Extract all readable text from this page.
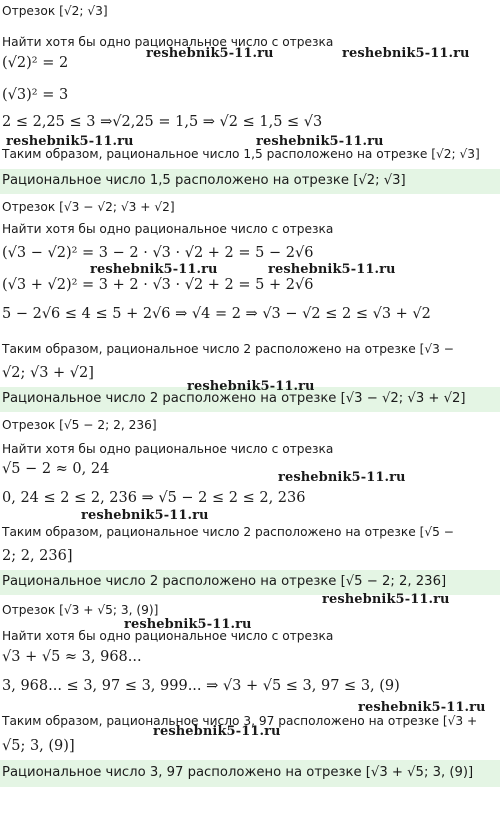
Отрезок [√2; √3]
Найти хотя бы одно рациональное число с отрезка
(√2)² = 2
(√3)² = 3
2 ≤ 2,25 ≤ 3 ⇒√2,25 = 1,5 ⇒ √2 ≤ 1,5 ≤ √3
Таким образом, рациональное число 1,5 расположено на отрезке [√2; √3]
Рациональное число 1,5 расположено на отрезке [√2; √3]
Отрезок [√3 − √2; √3 + √2]
Найти хотя бы одно рациональное число с отрезка
(√3 − √2)² = 3 − 2 · √3 · √2 + 2 = 5 − 2√6
(√3 + √2)² = 3 + 2 · √3 · √2 + 2 = 5 + 2√6
5 − 2√6 ≤ 4 ≤ 5 + 2√6 ⇒ √4 = 2 ⇒ √3 − √2 ≤ 2 ≤ √3 + √2
Таким образом, рациональное число 2 расположено на отрезке [√3 −
√2; √3 + √2]
Рациональное число 2 расположено на отрезке [√3 − √2; √3 + √2]
Отрезок [√5 − 2; 2, 236]
Найти хотя бы одно рациональное число с отрезка
√5 − 2 ≈ 0, 24
0, 24 ≤ 2 ≤ 2, 236 ⇒ √5 − 2 ≤ 2 ≤ 2, 236
Таким образом, рациональное число 2 расположено на отрезке [√5 −
2; 2, 236]
Рациональное число 2 расположено на отрезке [√5 − 2; 2, 236]
Отрезок [√3 + √5; 3, (9)]
Найти хотя бы одно рациональное число с отрезка
√3 + √5 ≈ 3, 968...
3, 968... ≤ 3, 97 ≤ 3, 999... ⇒ √3 + √5 ≤ 3, 97 ≤ 3, (9)
Таким образом, рациональное число 3, 97 расположено на отрезке [√3 +
√5; 3, (9)]
Рациональное число 3, 97 расположено на отрезке [√3 + √5; 3, (9)]
reshebnik5-11.ru	reshebnik5-11.ru
reshebnik5-11.ru	reshebnik5-11.ru
reshebnik5-11.ru	reshebnik5-11.ru
reshebnik5-11.ru
reshebnik5-11.ru
reshebnik5-11.ru
reshebnik5-11.ru
reshebnik5-11.ru
reshebnik5-11.ru
reshebnik5-11.ru
